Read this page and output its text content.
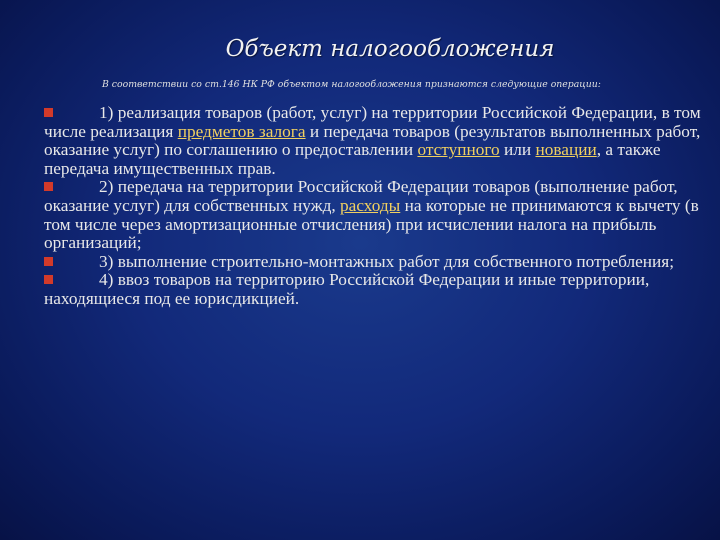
Объект налогообложения
В соответствии со ст.146 НК РФ объектом налогообложения признаются следующие операции:

1) реализация товаров (работ, услуг) на территории Российской Федерации, в том числе реализация предметов залога и передача товаров (результатов выполненных работ, оказание услуг) по соглашению о предоставлении отступного или новации, а также передача имущественных прав.

2) передача на территории Российской Федерации товаров (выполнение работ, оказание услуг) для собственных нужд, расходы на которые не принимаются к вычету (в том числе через амортизационные отчисления) при исчислении налога на прибыль организаций;

3) выполнение строительно-монтажных работ для собственного потребления;

4) ввоз товаров на территорию Российской Федерации и иные территории, находящиеся под ее юрисдикцией.
